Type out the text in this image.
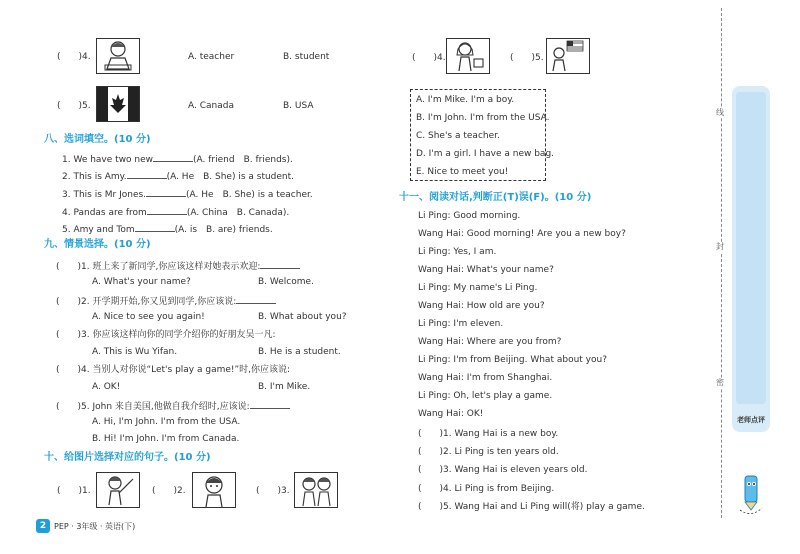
(　　)4.	A. teacher	B. student
(　　)5.	A. Canada	B. USA
八、选词填空。(10 分)
1. We have two new	(A. friend　B. friends).
2. This is Amy.	(A. He　B. She) is a student.
3. This is Mr Jones.	(A. He　B. She) is a teacher.
4. Pandas are from	(A. China　B. Canada).
5. Amy and Tom	(A. is　B. are) friends.
九、情景选择。(10 分)
(　　)1. 班上来了新同学,你应该这样对她表示欢迎:
A. What's your name?	B. Welcome.
(　　)2. 开学期开始,你又见到同学,你应该说:
A. Nice to see you again!	B. What about you?
(　　)3. 你应该这样向你的同学介绍你的好朋友吴一凡:
A. This is Wu Yifan.	B. He is a student.
(　　)4. 当别人对你说“Let's play a game!”时,你应该说:
A. OK!	B. I'm Mike.
(　　)5. John 来自美国,他做自我介绍时,应该说:
A. Hi, I'm John. I'm from the USA.
B. Hi! I'm John. I'm from Canada.
十、给图片选择对应的句子。(10 分)
(　　)1.	(　　)2.	(　　)3.
2 PEP · 3年级 · 英语(下)
(　　)4.	(　　)5.
A. I'm Mike. I'm a boy.
B. I'm John. I'm from the USA.
C. She's a teacher.
D. I'm a girl. I have a new bag.
E. Nice to meet you!
十一、阅读对话,判断正(T)误(F)。(10 分)
Li Ping: Good morning.
Wang Hai: Good morning! Are you a new boy?
Li Ping: Yes, I am.
Wang Hai: What's your name?
Li Ping: My name's Li Ping.
Wang Hai: How old are you?
Li Ping: I'm eleven.
Wang Hai: Where are you from?
Li Ping: I'm from Beijing. What about you?
Wang Hai: I'm from Shanghai.
Li Ping: Oh, let's play a game.
Wang Hai: OK!
(　　)1. Wang Hai is a new boy.
(　　)2. Li Ping is ten years old.
(　　)3. Wang Hai is eleven years old.
(　　)4. Li Ping is from Beijing.
(　　)5. Wang Hai and Li Ping will(将) play a game.
线
封
密
老师点评
